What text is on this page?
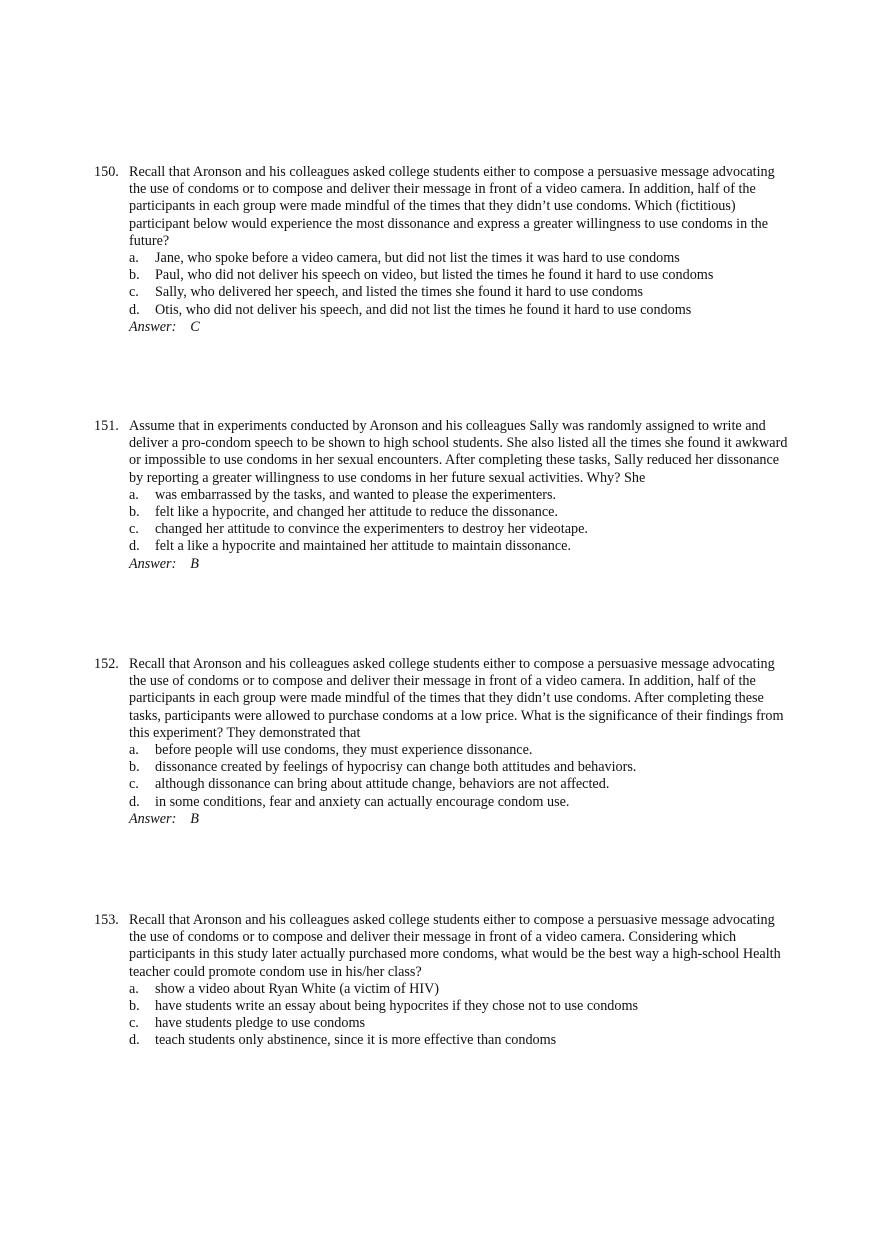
150. Recall that Aronson and his colleagues asked college students either to compose a persuasive message advocating the use of condoms or to compose and deliver their message in front of a video camera. In addition, half of the participants in each group were made mindful of the times that they didn’t use condoms. Which (fictitious) participant below would experience the most dissonance and express a greater willingness to use condoms in the future?
a. Jane, who spoke before a video camera, but did not list the times it was hard to use condoms
b. Paul, who did not deliver his speech on video, but listed the times he found it hard to use condoms
c. Sally, who delivered her speech, and listed the times she found it hard to use condoms
d. Otis, who did not deliver his speech, and did not list the times he found it hard to use condoms
Answer: C
151. Assume that in experiments conducted by Aronson and his colleagues Sally was randomly assigned to write and deliver a pro-condom speech to be shown to high school students. She also listed all the times she found it awkward or impossible to use condoms in her sexual encounters. After completing these tasks, Sally reduced her dissonance by reporting a greater willingness to use condoms in her future sexual activities. Why? She
a. was embarrassed by the tasks, and wanted to please the experimenters.
b. felt like a hypocrite, and changed her attitude to reduce the dissonance.
c. changed her attitude to convince the experimenters to destroy her videotape.
d. felt a like a hypocrite and maintained her attitude to maintain dissonance.
Answer: B
152. Recall that Aronson and his colleagues asked college students either to compose a persuasive message advocating the use of condoms or to compose and deliver their message in front of a video camera. In addition, half of the participants in each group were made mindful of the times that they didn’t use condoms. After completing these tasks, participants were allowed to purchase condoms at a low price. What is the significance of their findings from this experiment? They demonstrated that
a. before people will use condoms, they must experience dissonance.
b. dissonance created by feelings of hypocrisy can change both attitudes and behaviors.
c. although dissonance can bring about attitude change, behaviors are not affected.
d. in some conditions, fear and anxiety can actually encourage condom use.
Answer: B
153. Recall that Aronson and his colleagues asked college students either to compose a persuasive message advocating the use of condoms or to compose and deliver their message in front of a video camera. Considering which participants in this study later actually purchased more condoms, what would be the best way a high-school Health teacher could promote condom use in his/her class?
a. show a video about Ryan White (a victim of HIV)
b. have students write an essay about being hypocrites if they chose not to use condoms
c. have students pledge to use condoms
d. teach students only abstinence, since it is more effective than condoms
